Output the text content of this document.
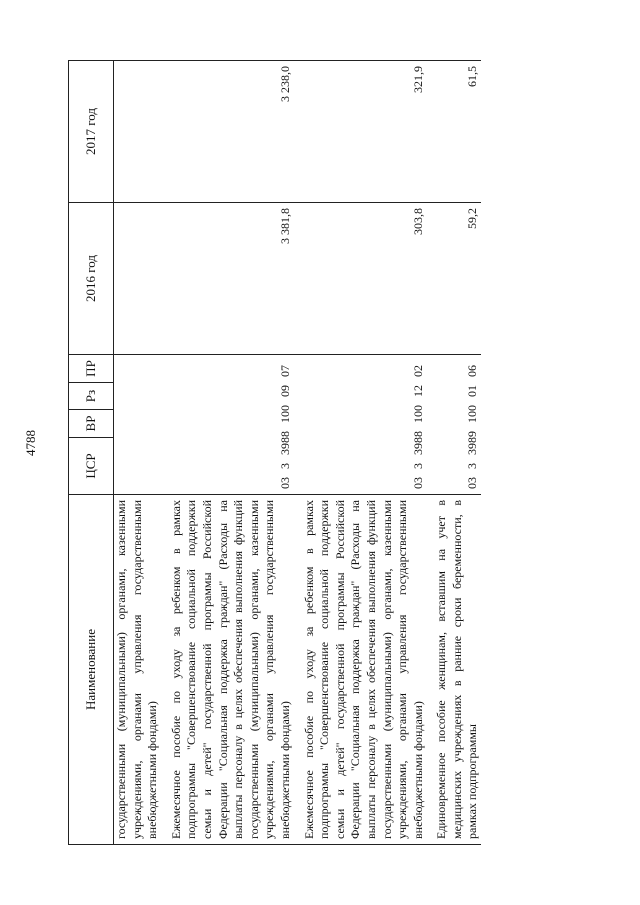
4788
Наименование	ЦСР	ВР	Рз	ПР	2016 год	2017 год
государственными (муниципальными) органами, казенными учреждениями, органами управления государственными внебюджетными фондами)						
Ежемесячное пособие по уходу за ребенком в рамках подпрограммы "Совершенствование социальной поддержки семьи и детей" государственной программы Российской Федерации "Социальная поддержка граждан" (Расходы на выплаты персоналу в целях обеспечения выполнения функций государственными (муниципальными) органами, казенными учреждениями, органами управления государственными внебюджетными фондами)	03 3 3988 100 09 07				3 381,8	3 238,0
Ежемесячное пособие по уходу за ребенком в рамках подпрограммы "Совершенствование социальной поддержки семьи и детей" государственной программы Российской Федерации "Социальная поддержка граждан" (Расходы на выплаты персоналу в целях обеспечения выполнения функций государственными (муниципальными) органами, казенными учреждениями, органами управления государственными внебюджетными фондами)	03 3 3988 100 12 02				303,8	321,9
Единовременное пособие женщинам, вставшим на учет в медицинских учреждениях в ранние сроки беременности, в рамках подпрограммы	03 3 3989 100 01 06				59,2	61,5
